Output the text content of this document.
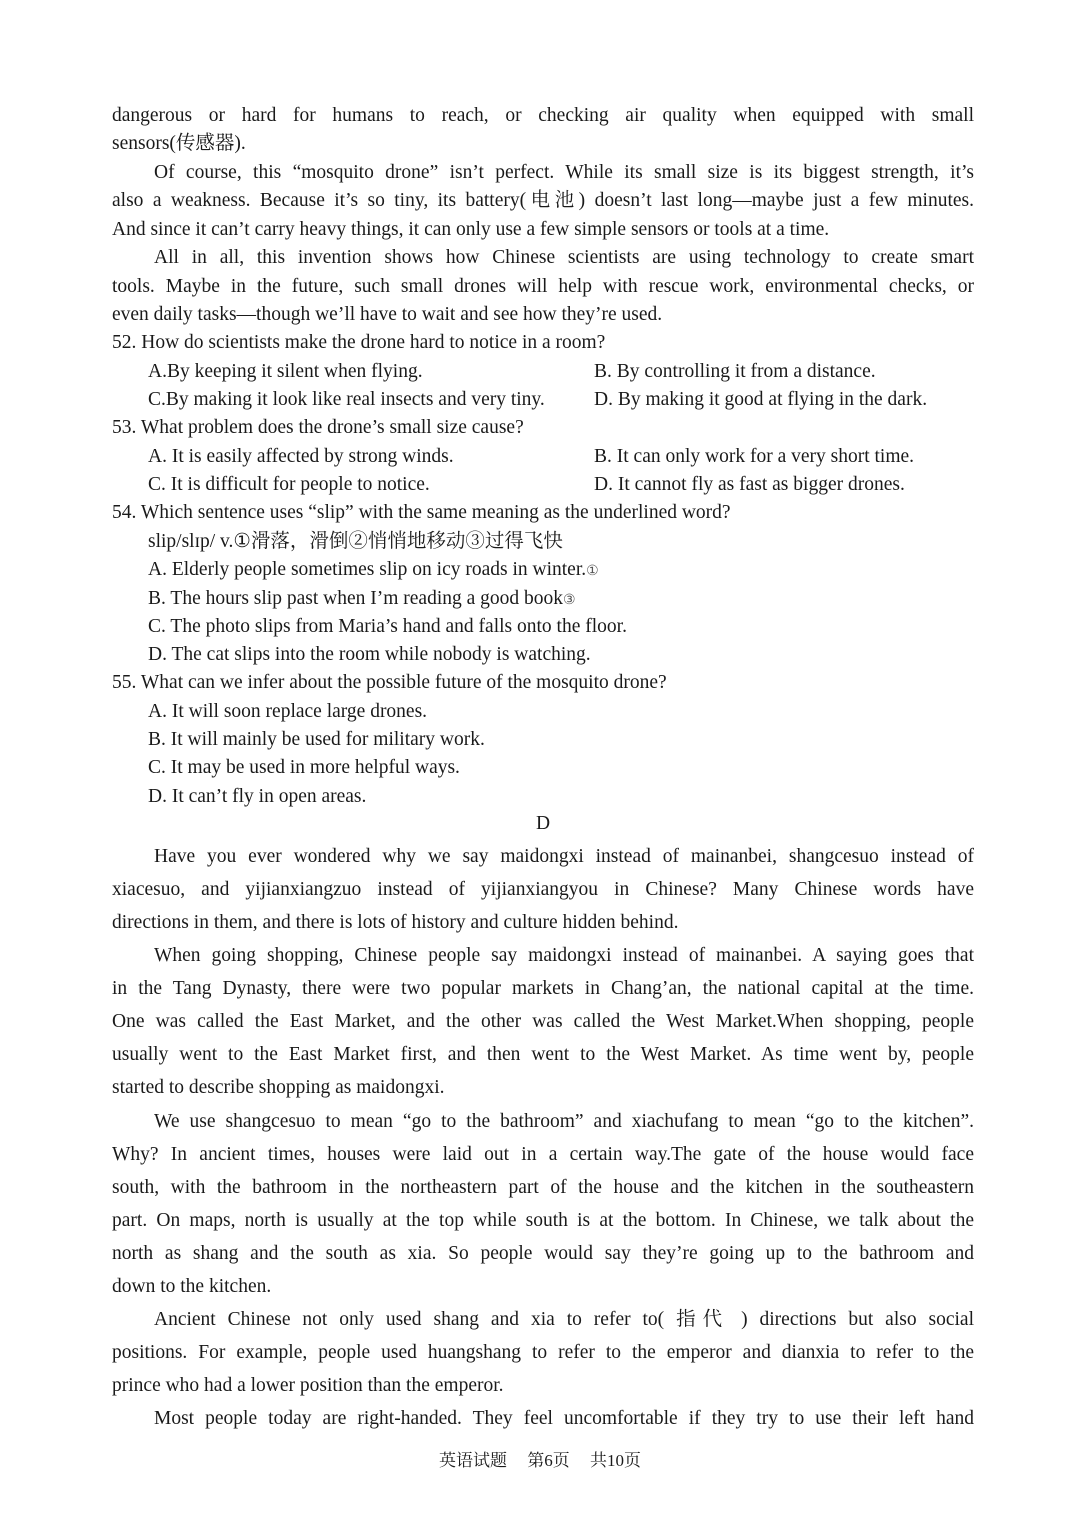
dangerous or hard for humans to reach, or checking air quality when equipped with small
sensors(传感器).
Of course, this “mosquito drone” isn’t perfect. While its small size is its biggest strength, it’s
also a weakness. Because it’s so tiny, its battery(电池) doesn’t last long—maybe just a few minutes.
And since it can’t carry heavy things, it can only use a few simple sensors or tools at a time.
All in all, this invention shows how Chinese scientists are using technology to create smart
tools. Maybe in the future, such small drones will help with rescue work, environmental checks, or
even daily tasks—though we’ll have to wait and see how they’re used.
52. How do scientists make the drone hard to notice in a room?
A.By keeping it silent when flying.	B. By controlling it from a distance.
C.By making it look like real insects and very tiny.	D. By making it good at flying in the dark.
53. What problem does the drone’s small size cause?
A. It is easily affected by strong winds.	B. It can only work for a very short time.
C. It is difficult for people to notice.	D. It cannot fly as fast as bigger drones.
54. Which sentence uses “slip” with the same meaning as the underlined word?
slip/slɪp/ v.①滑落，滑倒②悄悄地移动③过得飞快
A. Elderly people sometimes slip on icy roads in winter.①
B. The hours slip past when I’m reading a good book③
C. The photo slips from Maria’s hand and falls onto the floor.
D. The cat slips into the room while nobody is watching.
55. What can we infer about the possible future of the mosquito drone?
A. It will soon replace large drones.
B. It will mainly be used for military work.
C. It may be used in more helpful ways.
D. It can’t fly in open areas.
D
Have you ever wondered why we say maidongxi instead of mainanbei, shangcesuo instead of
xiacesuo, and yijianxiangzuo instead of yijianxiangyou in Chinese? Many Chinese words have
directions in them, and there is lots of history and culture hidden behind.
When going shopping, Chinese people say maidongxi instead of mainanbei. A saying goes that
in the Tang Dynasty, there were two popular markets in Chang’an, the national capital at the time.
One was called the East Market, and the other was called the West Market.When shopping, people
usually went to the East Market first, and then went to the West Market. As time went by, people
started to describe shopping as maidongxi.
We use shangcesuo to mean “go to the bathroom” and xiachufang to mean “go to the kitchen”.
Why? In ancient times, houses were laid out in a certain way.The gate of the house would face
south, with the bathroom in the northeastern part of the house and the kitchen in the southeastern
part. On maps, north is usually at the top while south is at the bottom. In Chinese, we talk about the
north as shang and the south as xia. So people would say they’re going up to the bathroom and
down to the kitchen.
Ancient Chinese not only used shang and xia to refer to( 指代 ) directions but also social
positions. For example, people used huangshang to refer to the emperor and dianxia to refer to the
prince who had a lower position than the emperor.
Most people today are right-handed. They feel uncomfortable if they try to use their left hand
英语试题 第6页 共10页
